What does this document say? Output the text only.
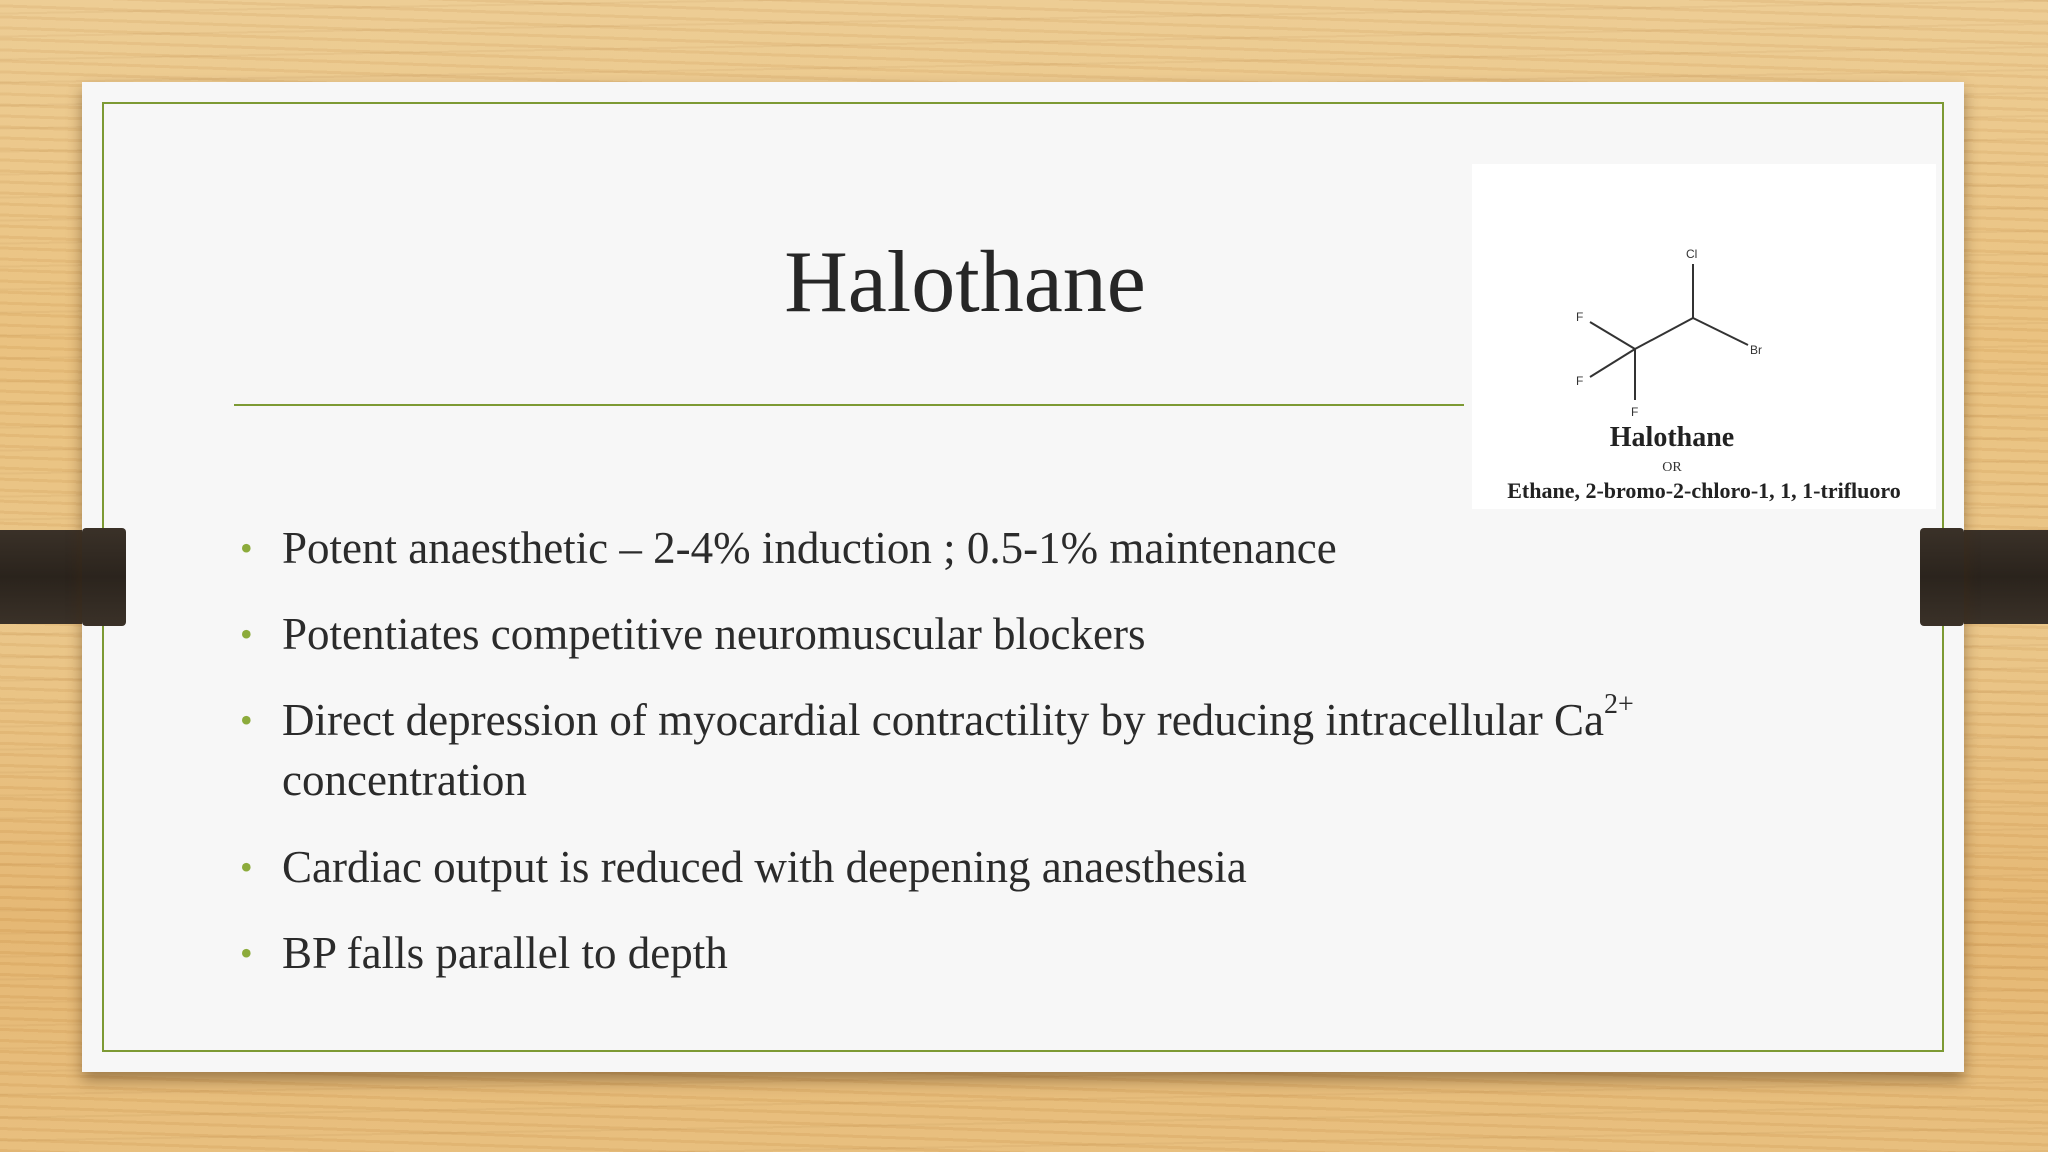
Halothane	Cl
Br
F
F
F
Halothane
OR
Ethane, 2-bromo-2-chloro-1, 1, 1-trifluoro
• Potent anaesthetic – 2-4% induction ; 0.5-1% maintenance
• Potentiates competitive neuromuscular blockers
• Direct depression of myocardial contractility by reducing intracellular $Ca^{2+}$
concentration
• Cardiac output is reduced with deepening anaesthesia
• BP falls parallel to depth
